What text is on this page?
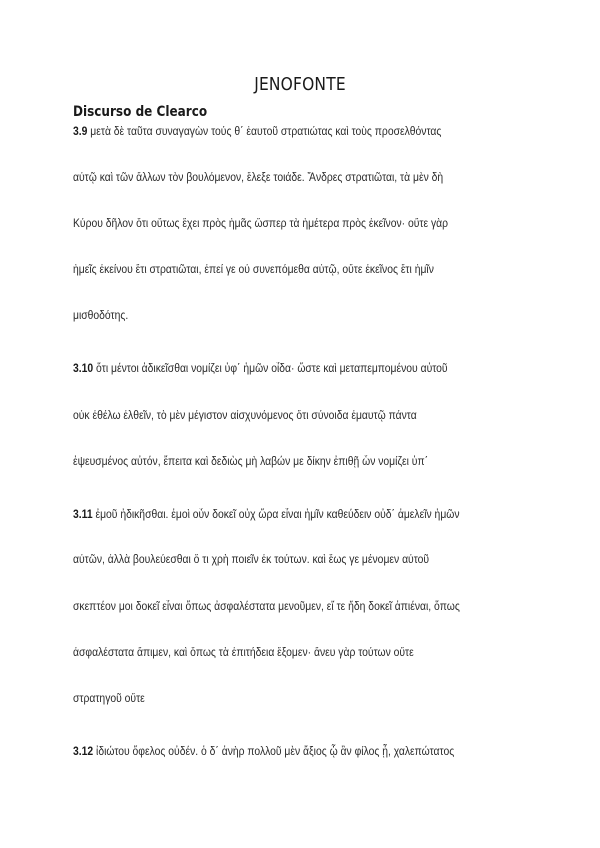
JENOFONTE
Discurso de Clearco
3.9 μετὰ δὲ ταῦτα συναγαγὼν τούς θ΄ ἑαυτοῦ στρατιώτας καὶ τοὺς προσελθόντας
αὐτῷ καὶ τῶν ἄλλων τὸν βουλόμενον, ἔλεξε τοιάδε. Ἄνδρες στρατιῶται, τὰ μὲν δὴ
Κύρου δῆλον ὅτι οὕτως ἔχει πρὸς ἡμᾶς ὥσπερ τὰ ἡμέτερα πρὸς ἐκεῖνον· οὔτε γὰρ
ἡμεῖς ἐκείνου ἔτι στρατιῶται, ἐπεί γε οὐ συνεπόμεθα αὐτῷ, οὔτε ἐκεῖνος ἔτι ἡμῖν
μισθοδότης.
3.10 ὅτι μέντοι ἀδικεῖσθαι νομίζει ὑφ΄ ἡμῶν οἶδα· ὥστε καὶ μεταπεμπομένου αὐτοῦ
οὐκ ἐθέλω ἐλθεῖν, τὸ μὲν μέγιστον αἰσχυνόμενος ὅτι σύνοιδα ἐμαυτῷ πάντα
ἐψευσμένος αὐτόν, ἔπειτα καὶ δεδιὼς μὴ λαβών με δίκην ἐπιθῇ ὧν νομίζει ὑπ΄
3.11 ἐμοῦ ἠδικῆσθαι. ἐμοὶ οὖν δοκεῖ οὐχ ὥρα εἶναι ἡμῖν καθεύδειν οὐδ΄ ἀμελεῖν ἡμῶν
αὐτῶν, ἀλλὰ βουλεύεσθαι ὅ τι χρὴ ποιεῖν ἐκ τούτων. καὶ ἕως γε μένομεν αὐτοῦ
σκεπτέον μοι δοκεῖ εἶναι ὅπως ἀσφαλέστατα μενοῦμεν, εἴ τε ἤδη δοκεῖ ἀπιέναι, ὅπως
ἀσφαλέστατα ἄπιμεν, καὶ ὅπως τὰ ἐπιτήδεια ἕξομεν· ἄνευ γὰρ τούτων οὔτε
στρατηγοῦ οὔτε
3.12 ἰδιώτου ὄφελος οὐδέν. ὁ δ΄ ἀνὴρ πολλοῦ μὲν ἄξιος ᾧ ἂν φίλος ᾖ, χαλεπώτατος
